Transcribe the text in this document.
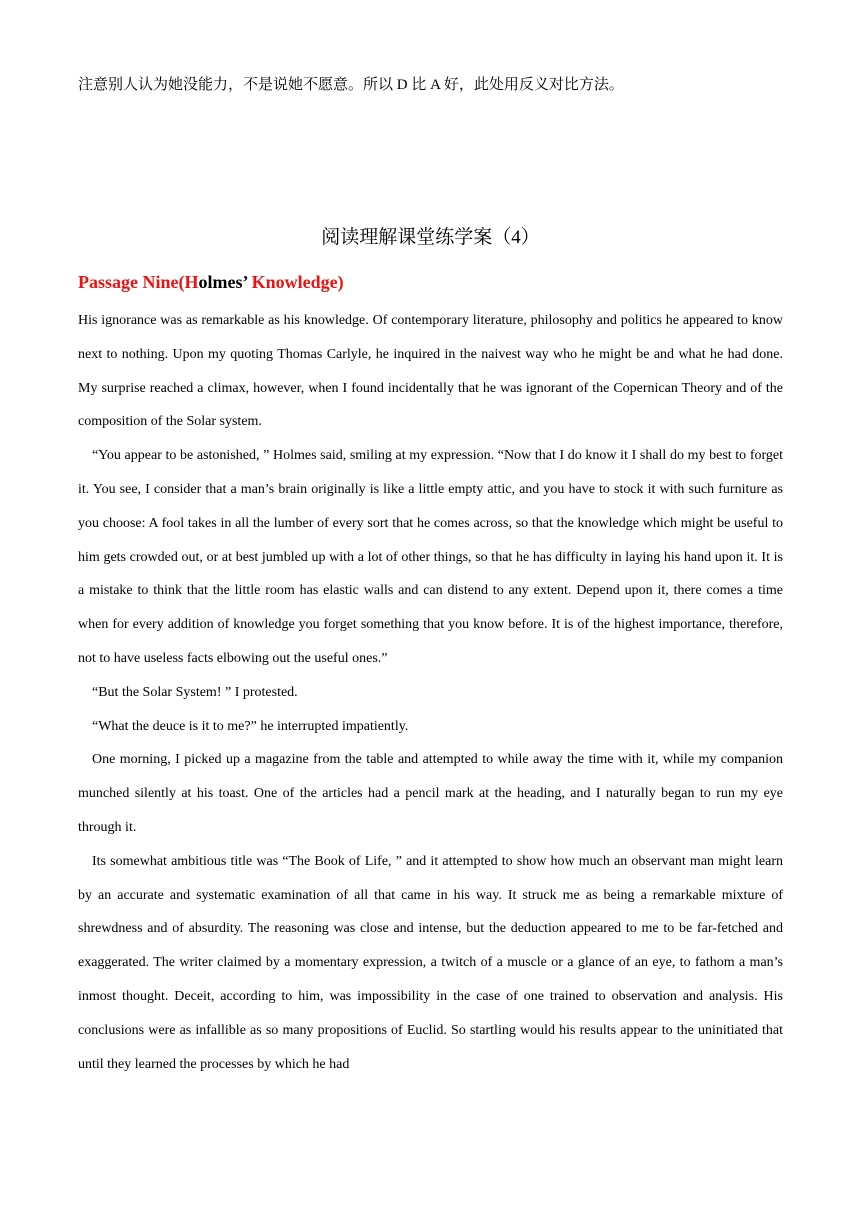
注意别人认为她没能力，不是说她不愿意。所以 D 比 A 好，此处用反义对比方法。
阅读理解课堂练学案（4）
Passage Nine(Holmes’ Knowledge)

His ignorance was as remarkable as his knowledge. Of contemporary literature, philosophy and politics he appeared to know next to nothing. Upon my quoting Thomas Carlyle, he inquired in the naivest way who he might be and what he had done. My surprise reached a climax, however, when I found incidentally that he was ignorant of the Copernican Theory and of the composition of the Solar system.

“You appear to be astonished, ” Holmes said, smiling at my expression. “Now that I do know it I shall do my best to forget it. You see, I consider that a man’s brain originally is like a little empty attic, and you have to stock it with such furniture as you choose: A fool takes in all the lumber of every sort that he comes across, so that the knowledge which might be useful to him gets crowded out, or at best jumbled up with a lot of other things, so that he has difficulty in laying his hand upon it. It is a mistake to think that the little room has elastic walls and can distend to any extent. Depend upon it, there comes a time when for every addition of knowledge you forget something that you know before. It is of the highest importance, therefore, not to have useless facts elbowing out the useful ones.”

“But the Solar System! ” I protested.

“What the deuce is it to me?” he interrupted impatiently.

One morning, I picked up a magazine from the table and attempted to while away the time with it, while my companion munched silently at his toast. One of the articles had a pencil mark at the heading, and I naturally began to run my eye through it.

Its somewhat ambitious title was “The Book of Life, ” and it attempted to show how much an observant man might learn by an accurate and systematic examination of all that came in his way. It struck me as being a remarkable mixture of shrewdness and of absurdity. The reasoning was close and intense, but the deduction appeared to me to be far-fetched and exaggerated. The writer claimed by a momentary expression, a twitch of a muscle or a glance of an eye, to fathom a man’s inmost thought. Deceit, according to him, was impossibility in the case of one trained to observation and analysis. His conclusions were as infallible as so many propositions of Euclid. So startling would his results appear to the uninitiated that until they learned the processes by which he had
